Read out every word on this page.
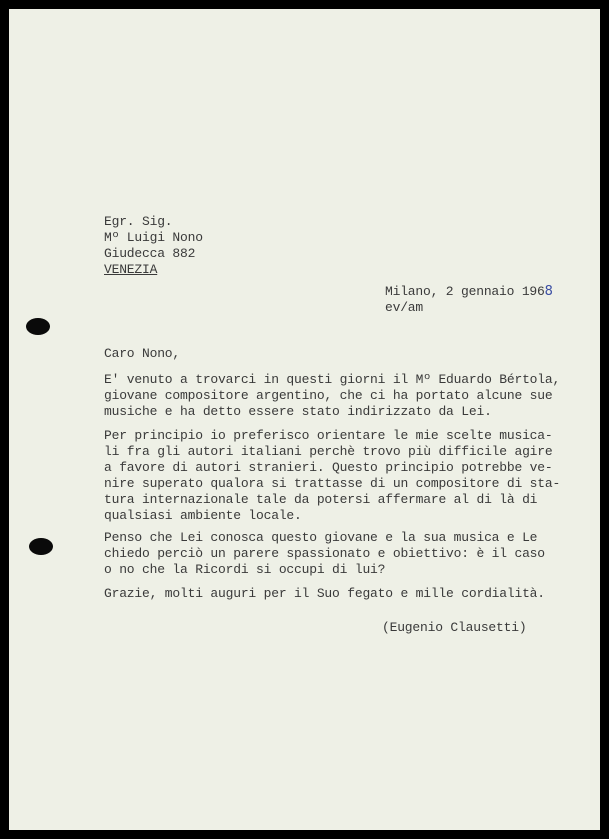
Egr. Sig.
Mº Luigi Nono
Giudecca 882
VENEZIA
Milano, 2 gennaio 1968
ev/am
Caro Nono,
E' venuto a trovarci in questi giorni il Mº Eduardo Bértola,
giovane compositore argentino, che ci ha portato alcune sue
musiche e ha detto essere stato indirizzato da Lei.
Per principio io preferisco orientare le mie scelte musica-
li fra gli autori italiani perchè trovo più difficile agire
a favore di autori stranieri. Questo principio potrebbe ve-
nire superato qualora si trattasse di un compositore di sta-
tura internazionale tale da potersi affermare al di là di
qualsiasi ambiente locale.
Penso che Lei conosca questo giovane e la sua musica e Le
chiedo perciò un parere spassionato e obiettivo: è il caso
o no che la Ricordi si occupi di lui?
Grazie, molti auguri per il Suo fegato e mille cordialità.
(Eugenio Clausetti)
